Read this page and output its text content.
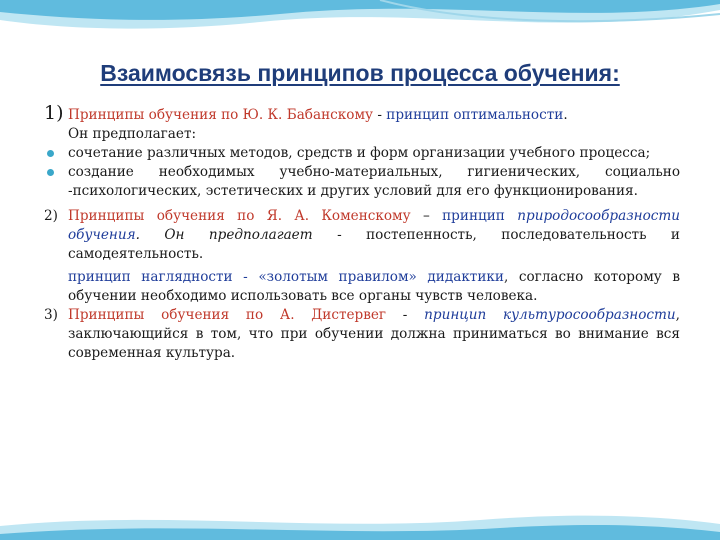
Взаимосвязь принципов процесса обучения:

1) Принципы обучения по Ю. К. Бабанскому - принцип оптимальности.

Он предполагает:

сочетание различных методов, средств и форм организации учебного процесса;

создание необходимых учебно-материальных, гигиенических, социально -психологических, эстетических и других условий для его функционирования.

2) Принципы обучения по Я. А. Коменскому – принцип природосообразности обучения. Он предполагает - постепенность, последовательность и самодеятельность.

принцип наглядности - «золотым правилом» дидактики, согласно которому в обучении необходимо использовать все органы чувств человека.

3) Принципы обучения по А. Дистервег - принцип культуросообразности, заключающийся в том, что при обучении должна приниматься во внимание вся современная культура.
